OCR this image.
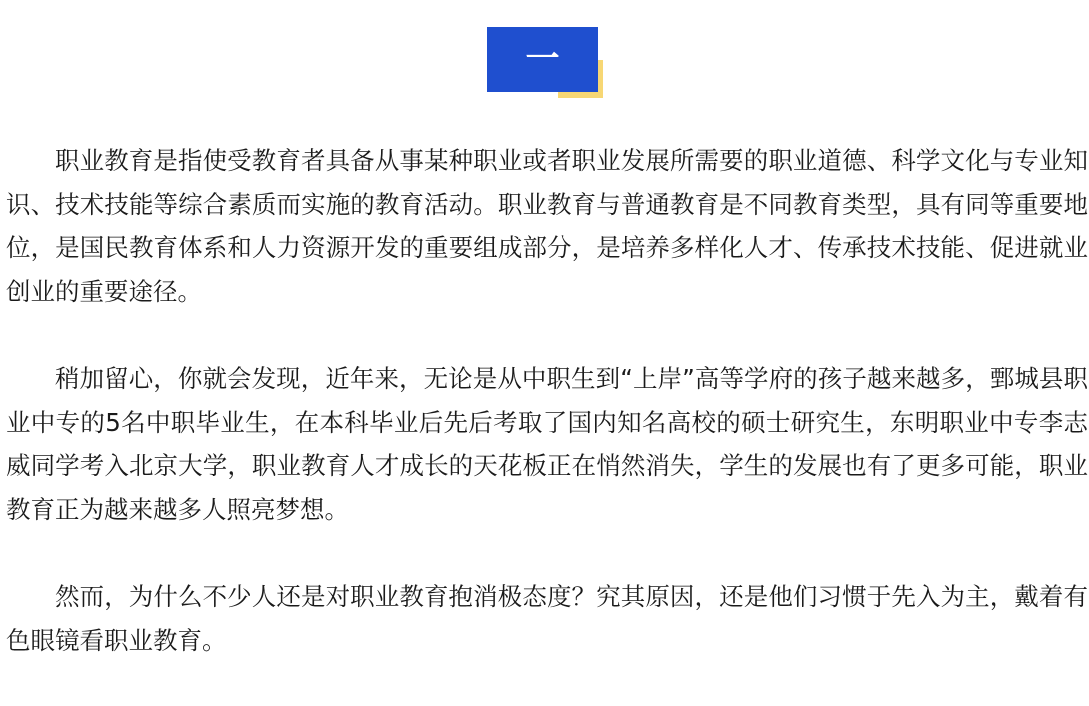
一

职业教育是指使受教育者具备从事某种职业或者职业发展所需要的职业道德、科学文化与专业知识、技术技能等综合素质而实施的教育活动。职业教育与普通教育是不同教育类型，具有同等重要地位，是国民教育体系和人力资源开发的重要组成部分，是培养多样化人才、传承技术技能、促进就业创业的重要途径。

稍加留心，你就会发现，近年来，无论是从中职生到“上岸”高等学府的孩子越来越多，鄄城县职业中专的5名中职毕业生，在本科毕业后先后考取了国内知名高校的硕士研究生，东明职业中专李志威同学考入北京大学，职业教育人才成长的天花板正在悄然消失，学生的发展也有了更多可能，职业教育正为越来越多人照亮梦想。

然而，为什么不少人还是对职业教育抱消极态度？究其原因，还是他们习惯于先入为主，戴着有色眼镜看职业教育。
